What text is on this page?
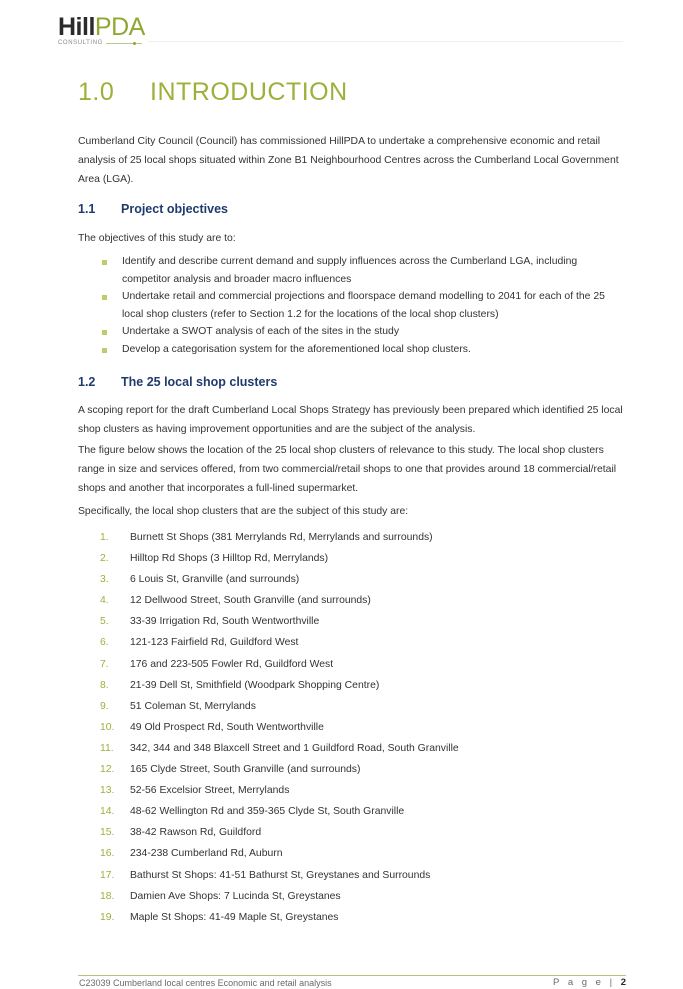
HillPDA
CONSULTING
1.0	INTRODUCTION
Cumberland City Council (Council) has commissioned HillPDA to undertake a comprehensive economic and retail analysis of 25 local shops situated within Zone B1 Neighbourhood Centres across the Cumberland Local Government Area (LGA).
1.1	Project objectives
The objectives of this study are to:
Identify and describe current demand and supply influences across the Cumberland LGA, including competitor analysis and broader macro influences
Undertake retail and commercial projections and floorspace demand modelling to 2041 for each of the 25 local shop clusters (refer to Section 1.2 for the locations of the local shop clusters)
Undertake a SWOT analysis of each of the sites in the study
Develop a categorisation system for the aforementioned local shop clusters.
1.2	The 25 local shop clusters
A scoping report for the draft Cumberland Local Shops Strategy has previously been prepared which identified 25 local shop clusters as having improvement opportunities and are the subject of the analysis.
The figure below shows the location of the 25 local shop clusters of relevance to this study. The local shop clusters range in size and services offered, from two commercial/retail shops to one that provides around 18 commercial/retail shops and another that incorporates a full-lined supermarket.
Specifically, the local shop clusters that are the subject of this study are:
1.	Burnett St Shops (381 Merrylands Rd, Merrylands and surrounds)
2.	Hilltop Rd Shops (3 Hilltop Rd, Merrylands)
3.	6 Louis St, Granville (and surrounds)
4.	12 Dellwood Street, South Granville (and surrounds)
5.	33-39 Irrigation Rd, South Wentworthville
6.	121-123 Fairfield Rd, Guildford West
7.	176 and 223-505 Fowler Rd, Guildford West
8.	21-39 Dell St, Smithfield (Woodpark Shopping Centre)
9.	51 Coleman St, Merrylands
10.	49 Old Prospect Rd, South Wentworthville
11.	342, 344 and 348 Blaxcell Street and 1 Guildford Road, South Granville
12.	165 Clyde Street, South Granville (and surrounds)
13.	52-56 Excelsior Street, Merrylands
14.	48-62 Wellington Rd and 359-365 Clyde St, South Granville
15.	38-42 Rawson Rd, Guildford
16.	234-238 Cumberland Rd, Auburn
17.	Bathurst St Shops: 41-51 Bathurst St, Greystanes and Surrounds
18.	Damien Ave Shops: 7 Lucinda St, Greystanes
19.	Maple St Shops: 41-49 Maple St, Greystanes
C23039 Cumberland local centres Economic and retail analysis	P a g e | 2
